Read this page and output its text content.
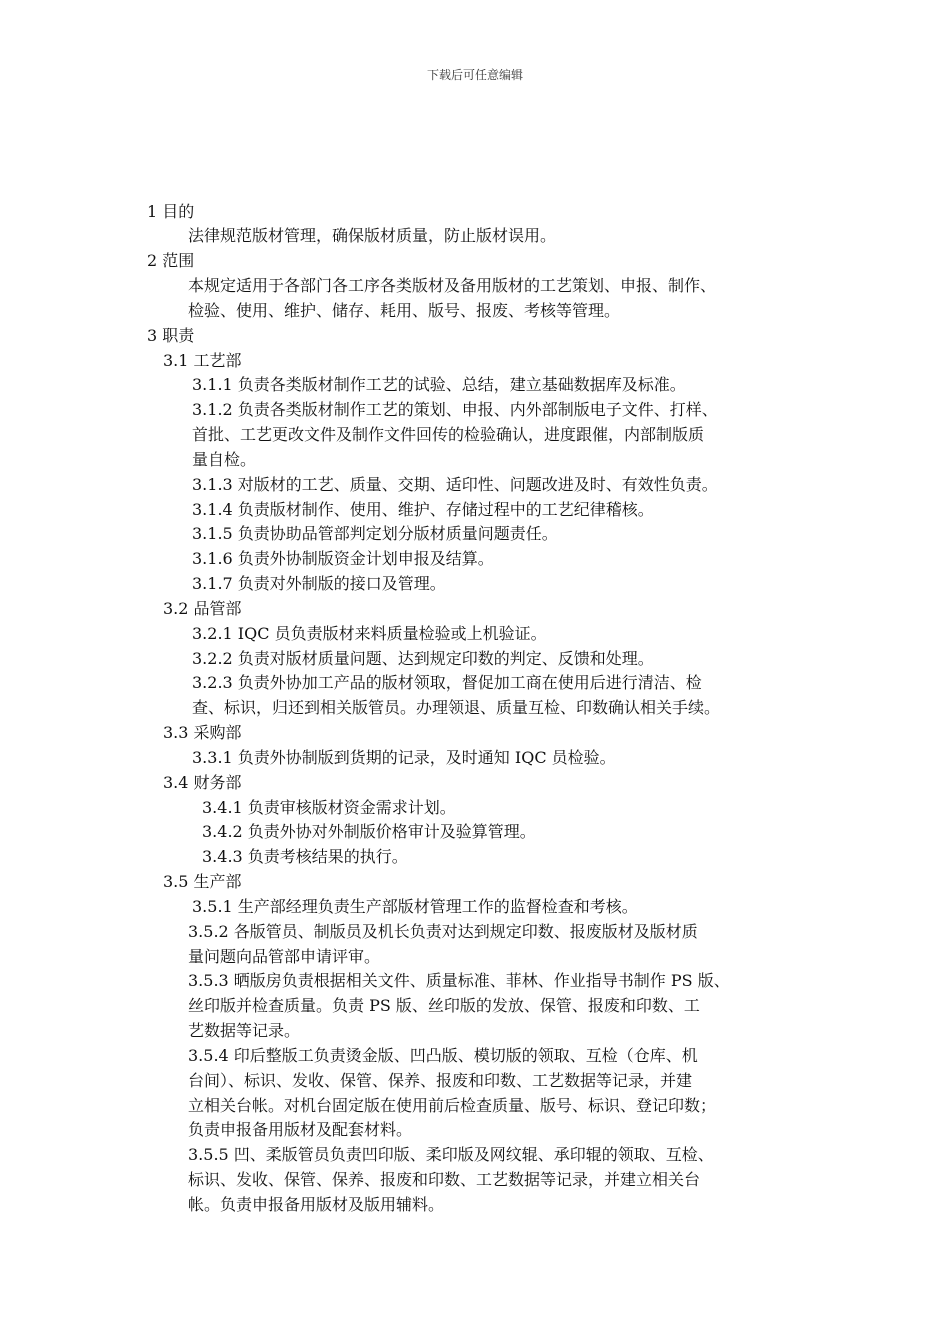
下载后可任意编辑
1 目的
法律规范版材管理，确保版材质量，防止版材误用。
2 范围
本规定适用于各部门各工序各类版材及备用版材的工艺策划、申报、制作、
检验、使用、维护、储存、耗用、版号、报废、考核等管理。
3 职责
3.1 工艺部
3.1.1 负责各类版材制作工艺的试验、总结，建立基础数据库及标准。
3.1.2 负责各类版材制作工艺的策划、申报、内外部制版电子文件、打样、
首批、工艺更改文件及制作文件回传的检验确认，进度跟催，内部制版质
量自检。
3.1.3 对版材的工艺、质量、交期、适印性、问题改进及时、有效性负责。
3.1.4 负责版材制作、使用、维护、存储过程中的工艺纪律稽核。
3.1.5 负责协助品管部判定划分版材质量问题责任。
3.1.6 负责外协制版资金计划申报及结算。
3.1.7 负责对外制版的接口及管理。
3.2 品管部
3.2.1 IQC 员负责版材来料质量检验或上机验证。
3.2.2 负责对版材质量问题、达到规定印数的判定、反馈和处理。
3.2.3 负责外协加工产品的版材领取，督促加工商在使用后进行清洁、检
查、标识，归还到相关版管员。办理领退、质量互检、印数确认相关手续。
3.3 采购部
3.3.1 负责外协制版到货期的记录，及时通知 IQC 员检验。
3.4 财务部
3.4.1 负责审核版材资金需求计划。
3.4.2 负责外协对外制版价格审计及验算管理。
3.4.3 负责考核结果的执行。
3.5 生产部
3.5.1 生产部经理负责生产部版材管理工作的监督检查和考核。
3.5.2 各版管员、制版员及机长负责对达到规定印数、报废版材及版材质
量问题向品管部申请评审。
3.5.3 晒版房负责根据相关文件、质量标准、菲林、作业指导书制作 PS 版、
丝印版并检查质量。负责 PS 版、丝印版的发放、保管、报废和印数、工
艺数据等记录。
3.5.4 印后整版工负责烫金版、凹凸版、模切版的领取、互检（仓库、机
台间）、标识、发收、保管、保养、报废和印数、工艺数据等记录，并建
立相关台帐。对机台固定版在使用前后检查质量、版号、标识、登记印数；
负责申报备用版材及配套材料。
3.5.5 凹、柔版管员负责凹印版、柔印版及网纹辊、承印辊的领取、互检、
标识、发收、保管、保养、报废和印数、工艺数据等记录，并建立相关台
帐。负责申报备用版材及版用辅料。
